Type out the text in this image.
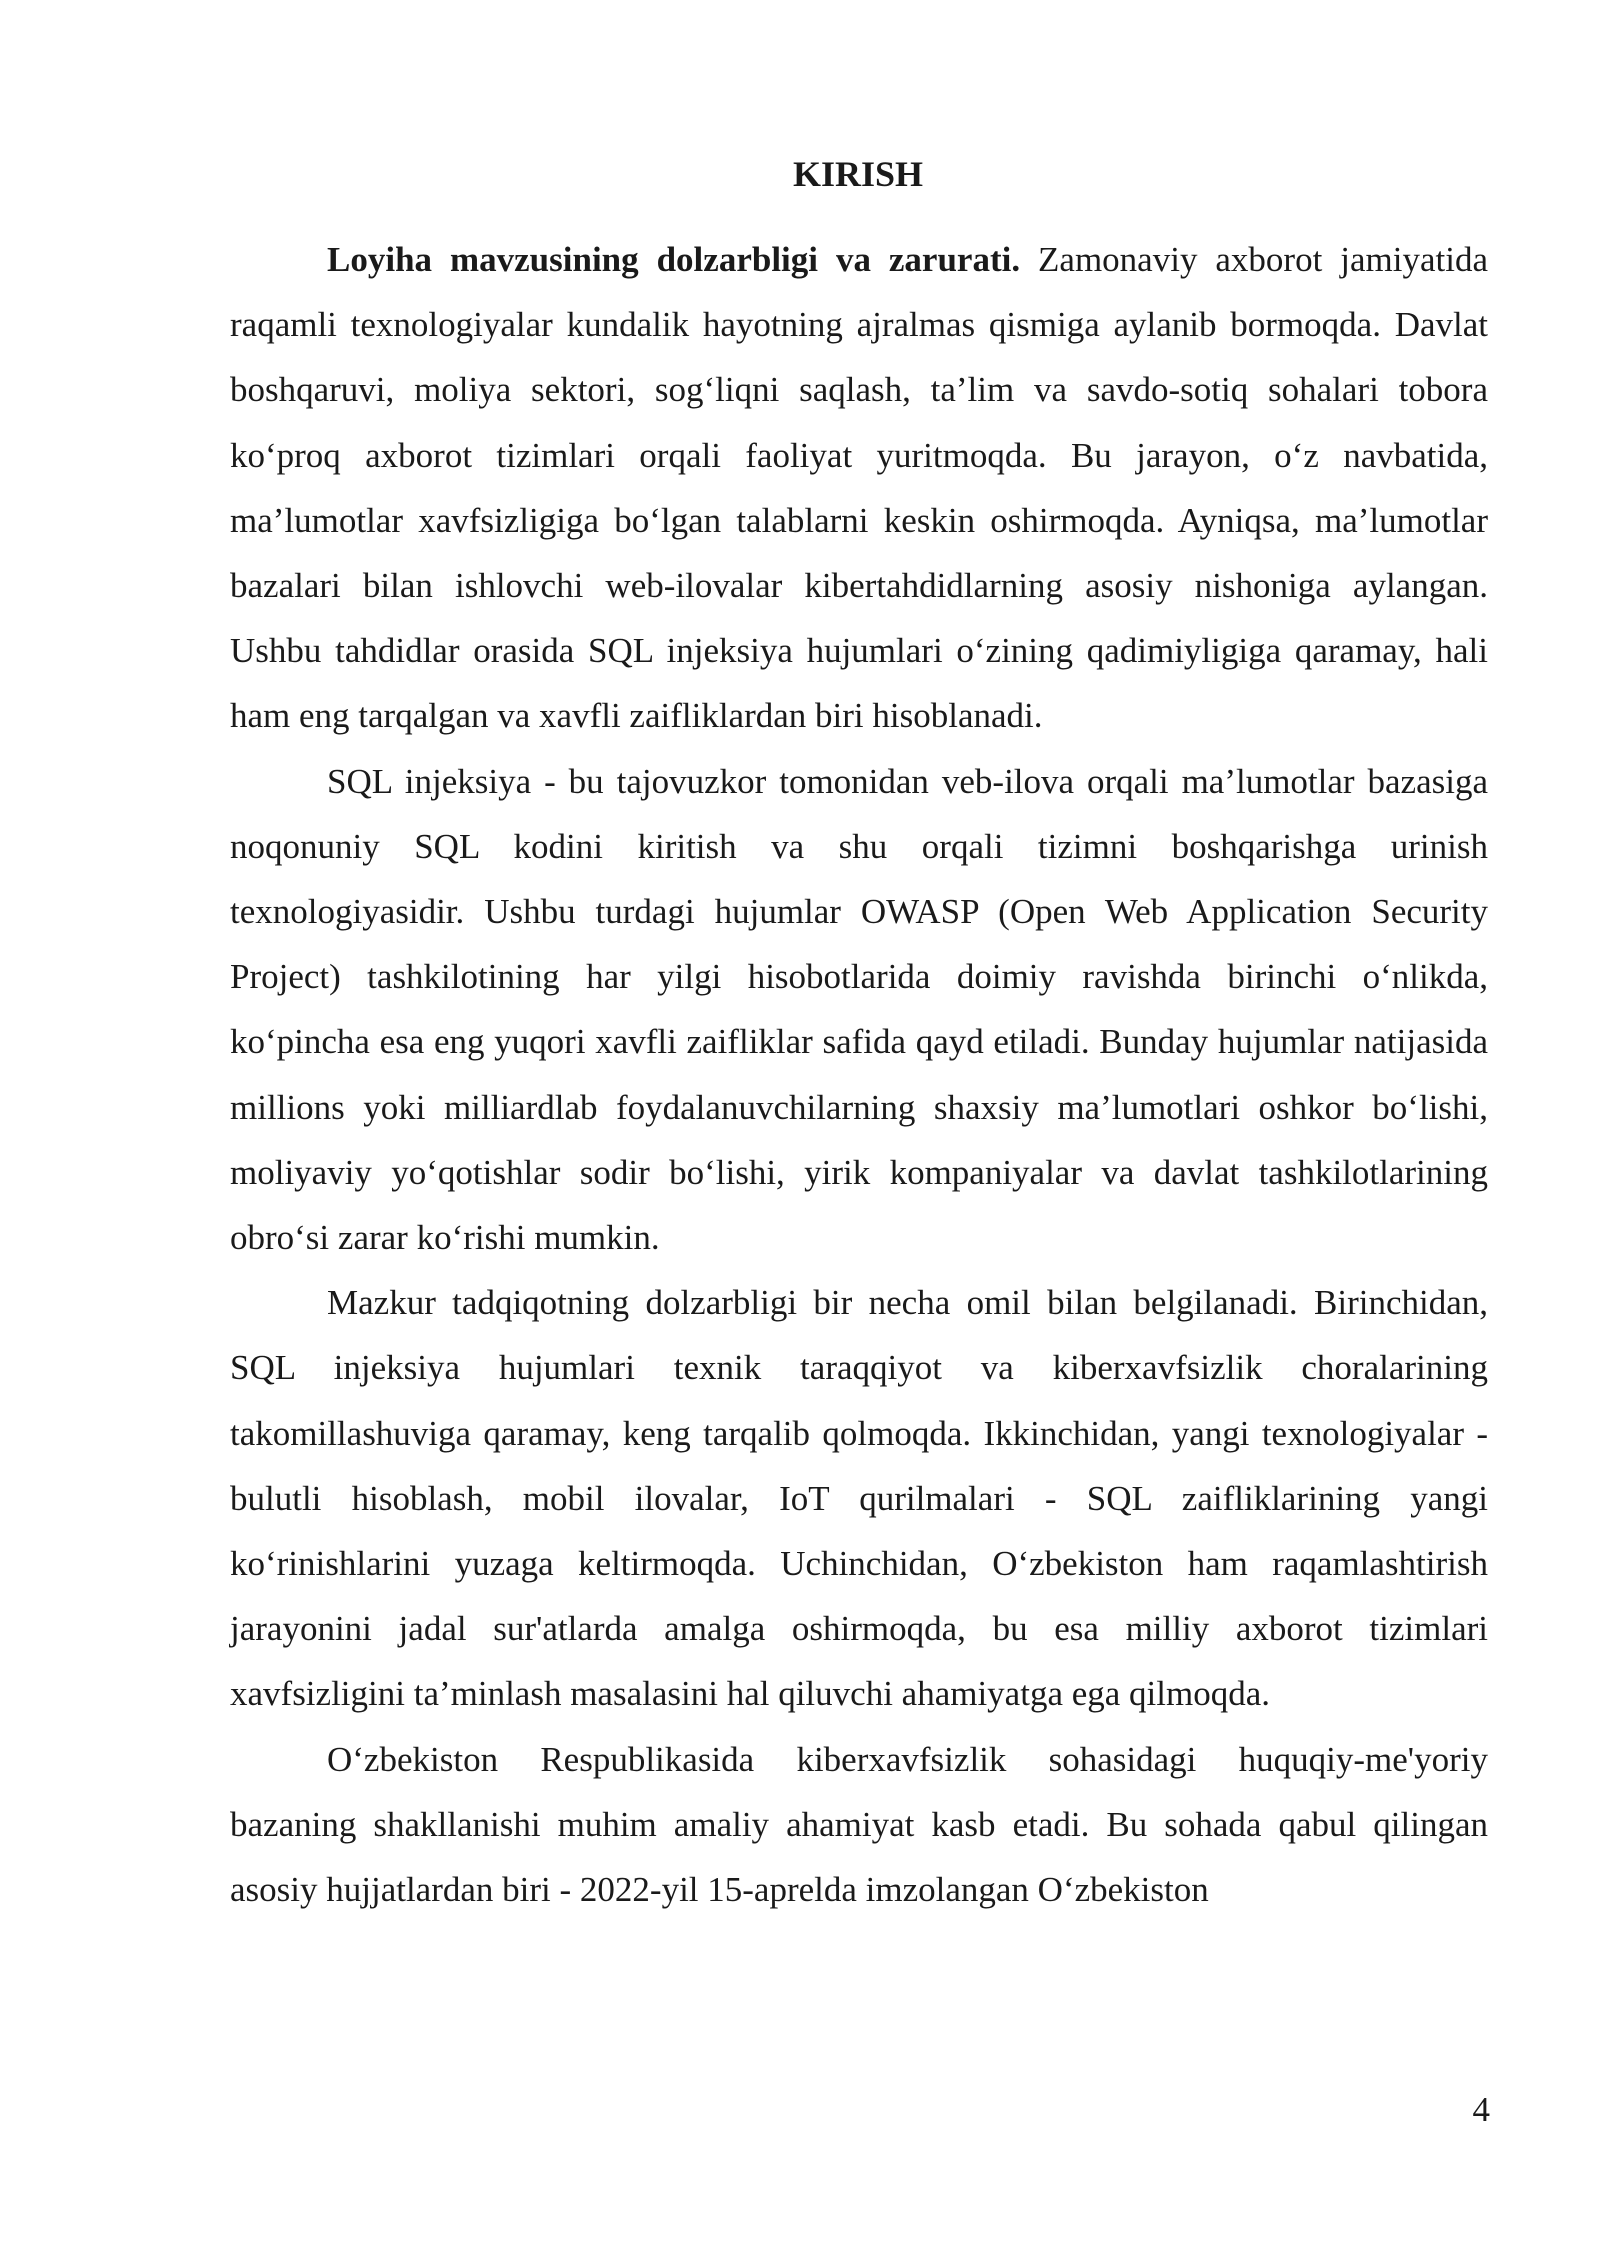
KIRISH

Loyiha mavzusining dolzarbligi va zarurati. Zamonaviy axborot jamiyatida raqamli texnologiyalar kundalik hayotning ajralmas qismiga aylanib bormoqda. Davlat boshqaruvi, moliya sektori, sog‘liqni saqlash, ta’lim va savdo-sotiq sohalari tobora ko‘proq axborot tizimlari orqali faoliyat yuritmoqda. Bu jarayon, o‘z navbatida, ma’lumotlar xavfsizligiga bo‘lgan talablarni keskin oshirmoqda. Ayniqsa, ma’lumotlar bazalari bilan ishlovchi web-ilovalar kibertahdidlarning asosiy nishoniga aylangan. Ushbu tahdidlar orasida SQL injeksiya hujumlari o‘zining qadimiyligiga qaramay, hali ham eng tarqalgan va xavfli zaifliklardan biri hisoblanadi.

SQL injeksiya - bu tajovuzkor tomonidan veb-ilova orqali ma’lumotlar bazasiga noqonuniy SQL kodini kiritish va shu orqali tizimni boshqarishga urinish texnologiyasidir. Ushbu turdagi hujumlar OWASP (Open Web Application Security Project) tashkilotining har yilgi hisobotlarida doimiy ravishda birinchi o‘nlikda, ko‘pincha esa eng yuqori xavfli zaifliklar safida qayd etiladi. Bunday hujumlar natijasida millions yoki milliardlab foydalanuvchilarning shaxsiy ma’lumotlari oshkor bo‘lishi, moliyaviy yo‘qotishlar sodir bo‘lishi, yirik kompaniyalar va davlat tashkilotlarining obro‘si zarar ko‘rishi mumkin.

Mazkur tadqiqotning dolzarbligi bir necha omil bilan belgilanadi. Birinchidan, SQL injeksiya hujumlari texnik taraqqiyot va kiberxavfsizlik choralarining takomillashuviga qaramay, keng tarqalib qolmoqda. Ikkinchidan, yangi texnologiyalar - bulutli hisoblash, mobil ilovalar, IoT qurilmalari - SQL zaifliklarining yangi ko‘rinishlarini yuzaga keltirmoqda. Uchinchidan, O‘zbekiston ham raqamlashtirish jarayonini jadal sur'atlarda amalga oshirmoqda, bu esa milliy axborot tizimlari xavfsizligini ta’minlash masalasini hal qiluvchi ahamiyatga ega qilmoqda.

O‘zbekiston Respublikasida kiberxavfsizlik sohasidagi huquqiy-me'yoriy bazaning shakllanishi muhim amaliy ahamiyat kasb etadi. Bu sohada qabul qilingan asosiy hujjatlardan biri - 2022-yil 15-aprelda imzolangan O‘zbekiston

4
